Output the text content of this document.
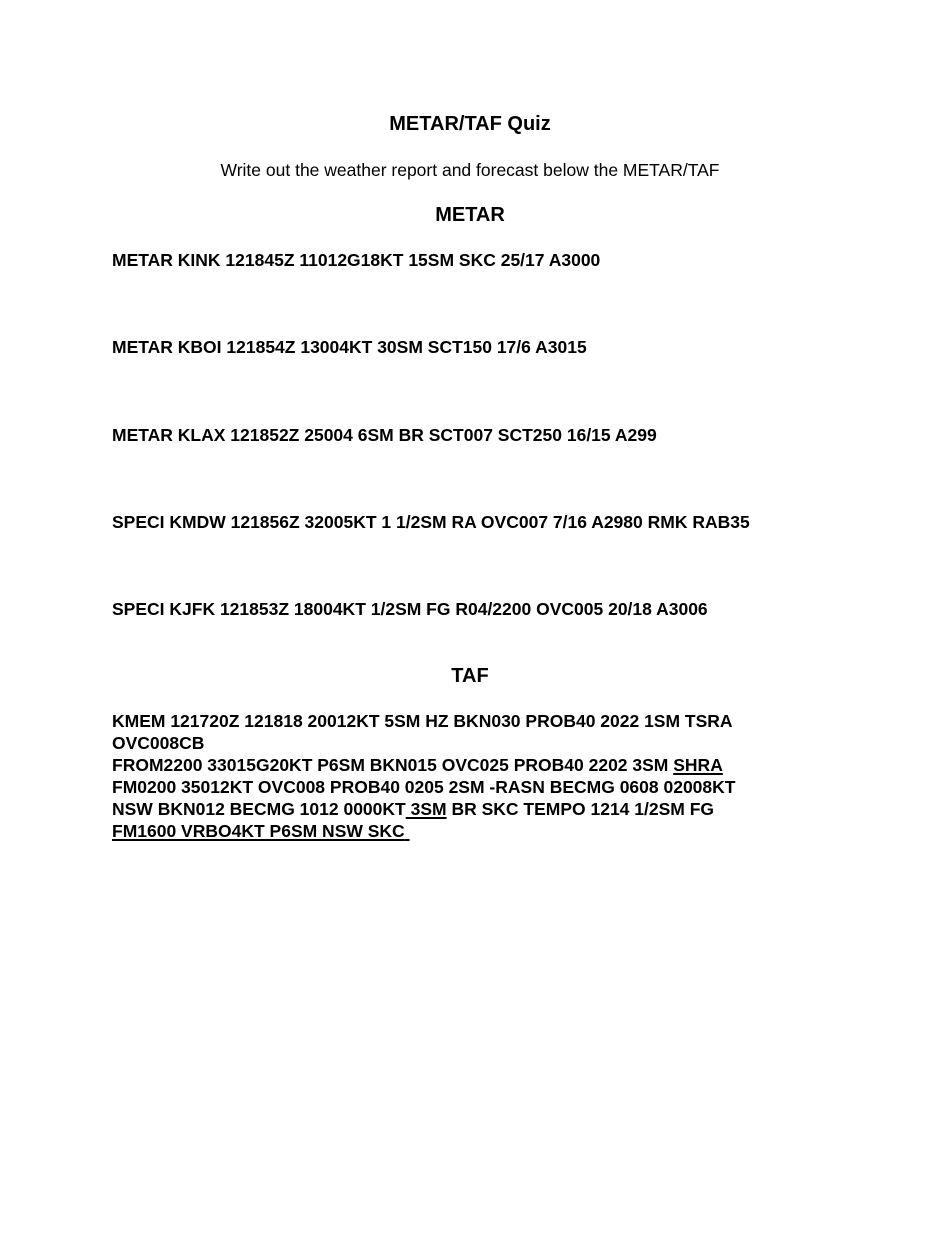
METAR/TAF Quiz
Write out the weather report and forecast below the METAR/TAF
METAR
METAR KINK 121845Z 11012G18KT 15SM SKC 25/17 A3000
METAR KBOI 121854Z 13004KT 30SM SCT150 17/6 A3015
METAR KLAX 121852Z 25004 6SM BR SCT007 SCT250 16/15 A299
SPECI KMDW 121856Z 32005KT 1 1/2SM RA OVC007 7/16 A2980 RMK RAB35
SPECI KJFK 121853Z 18004KT 1/2SM FG R04/2200 OVC005 20/18 A3006
TAF
KMEM 121720Z 121818 20012KT 5SM HZ BKN030 PROB40 2022 1SM TSRA
OVC008CB
FROM2200 33015G20KT P6SM BKN015 OVC025 PROB40 2202 3SM SHRA
FM0200 35012KT OVC008 PROB40 0205 2SM -RASN BECMG 0608 02008KT
NSW BKN012 BECMG 1012 0000KT 3SM BR SKC TEMPO 1214 1/2SM FG
FM1600 VRBO4KT P6SM NSW SKC
